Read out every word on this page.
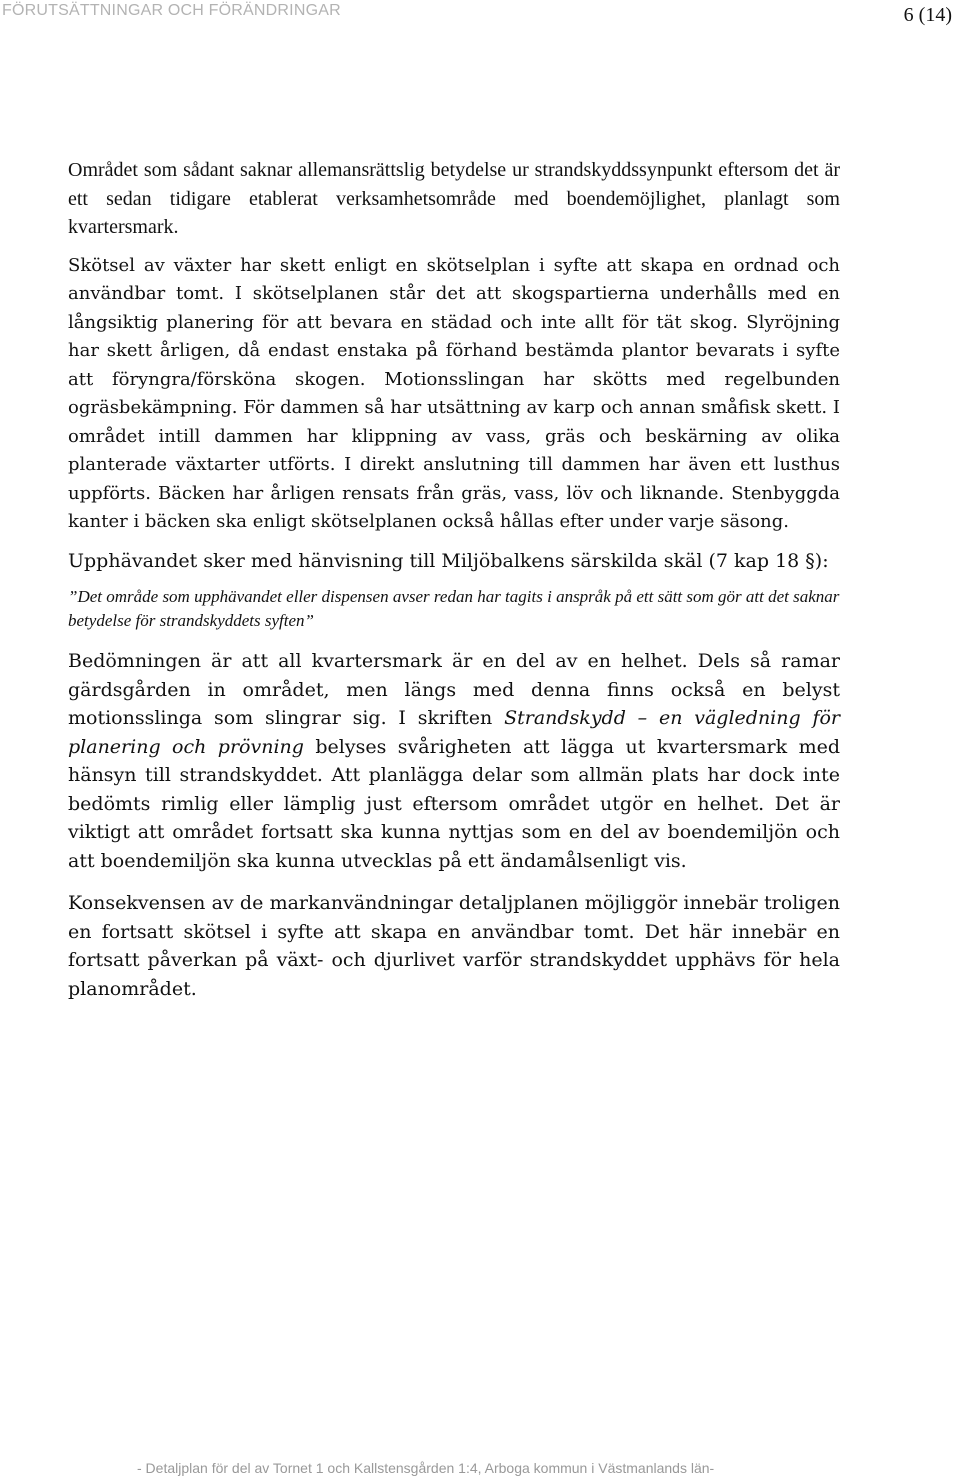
FÖRUTSÄTTNINGAR OCH FÖRÄNDRINGAR	6 (14)

Området som sådant saknar allemansrättslig betydelse ur strandskyddssynpunkt eftersom det är ett sedan tidigare etablerat verksamhetsområde med boendemöjlighet, planlagt som kvartersmark.

Skötsel av växter har skett enligt en skötselplan i syfte att skapa en ordnad och användbar tomt. I skötselplanen står det att skogspartierna underhålls med en långsiktig planering för att bevara en städad och inte allt för tät skog. Slyröjning har skett årligen, då endast enstaka på förhand bestämda plantor bevarats i syfte att föryngra/försköna skogen. Motionsslingan har skötts med regelbunden ogräsbekämpning. För dammen så har utsättning av karp och annan småfisk skett. I området intill dammen har klippning av vass, gräs och beskärning av olika planterade växtarter utförts. I direkt anslutning till dammen har även ett lusthus uppförts. Bäcken har årligen rensats från gräs, vass, löv och liknande. Stenbyggda kanter i bäcken ska enligt skötselplanen också hållas efter under varje säsong.

Upphävandet sker med hänvisning till Miljöbalkens särskilda skäl (7 kap 18 §):

”Det område som upphävandet eller dispensen avser redan har tagits i anspråk på ett sätt som gör att det saknar betydelse för strandskyddets syften”

Bedömningen är att all kvartersmark är en del av en helhet. Dels så ramar gärdsgården in området, men längs med denna finns också en belyst motionsslinga som slingrar sig. I skriften Strandskydd – en vägledning för planering och prövning belyses svårigheten att lägga ut kvartersmark med hänsyn till strandskyddet. Att planlägga delar som allmän plats har dock inte bedömts rimlig eller lämplig just eftersom området utgör en helhet. Det är viktigt att området fortsatt ska kunna nyttjas som en del av boendemiljön och att boendemiljön ska kunna utvecklas på ett ändamålsenligt vis.

Konsekvensen av de markanvändningar detaljplanen möjliggör innebär troligen en fortsatt skötsel i syfte att skapa en användbar tomt. Det här innebär en fortsatt påverkan på växt- och djurlivet varför strandskyddet upphävs för hela planområdet.

- Detaljplan för del av Tornet 1 och Kallstensgården 1:4, Arboga kommun i Västmanlands län-
